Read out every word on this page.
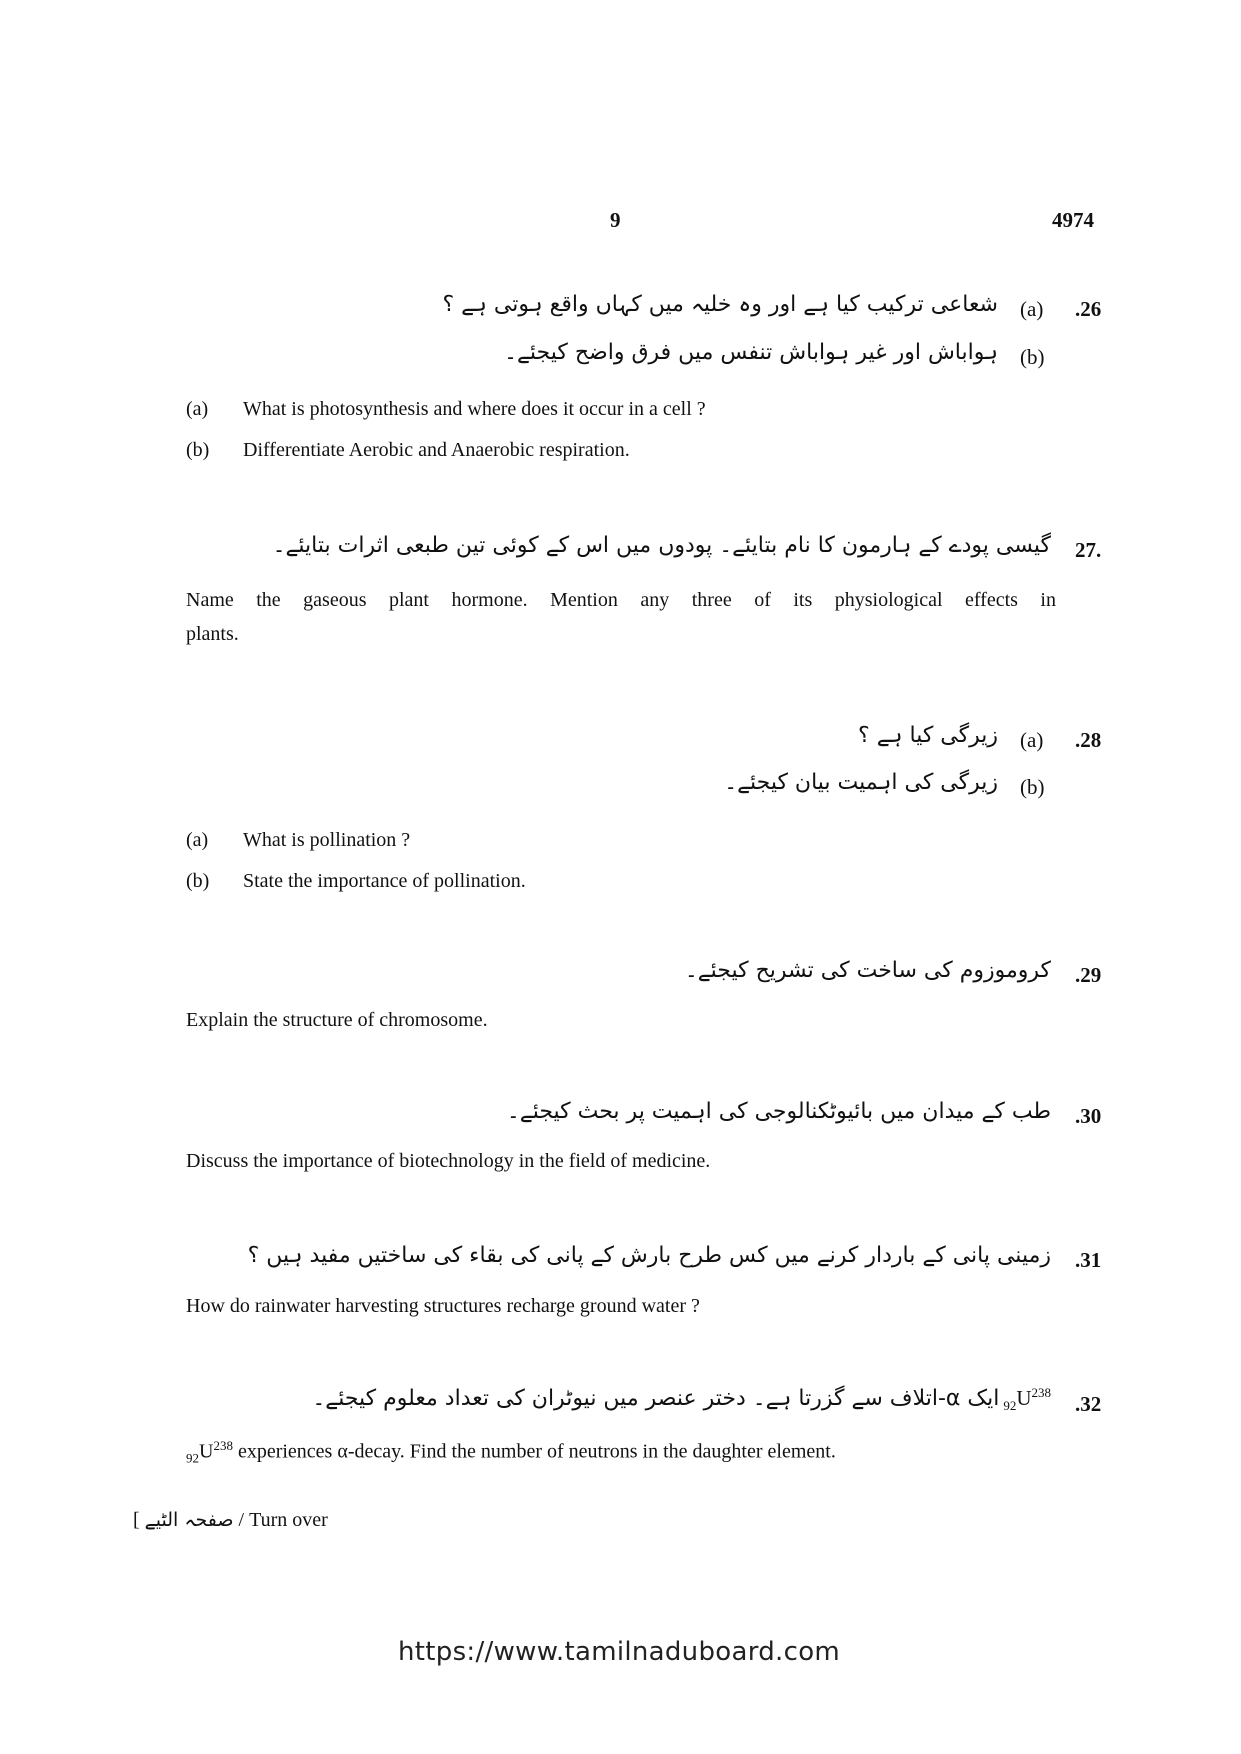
9	4974
.26
(a)
شعاعی ترکیب کیا ہے اور وہ خلیہ میں کہاں واقع ہوتی ہے ؟
(b)
ہواباش اور غیر ہواباش تنفس میں فرق واضح کیجئے۔
(a) What is photosynthesis and where does it occur in a cell ?
(b) Differentiate Aerobic and Anaerobic respiration.
27.
گیسی پودے کے ہارمون کا نام بتایئے۔ پودوں میں اس کے کوئی تین طبعی اثرات بتایئے۔
Name the gaseous plant hormone. Mention any three of its physiological effects in
plants.
.28
(a)
زیرگی کیا ہے ؟
(b)
زیرگی کی اہمیت بیان کیجئے۔
(a) What is pollination ?
(b) State the importance of pollination.
.29
کروموزوم کی ساخت کی تشریح کیجئے۔
Explain the structure of chromosome.
.30
طب کے میدان میں بائیوٹکنالوجی کی اہمیت پر بحث کیجئے۔
Discuss the importance of biotechnology in the field of medicine.
.31
زمینی پانی کے باردار کرنے میں کس طرح بارش کے پانی کی بقاء کی ساختیں مفید ہیں ؟
How do rainwater harvesting structures recharge ground water ?
.32
ایک α-اتلاف سے گزرتا ہے۔ دختر عنصر میں نیوٹران کی تعداد معلوم کیجئے۔ $_{92}U^{238}$
$_{92}U^{238}$ experiences α-decay. Find the number of neutrons in the daughter element.
[ صفحہ الٹیے / Turn over
https://www.tamilnaduboard.com
